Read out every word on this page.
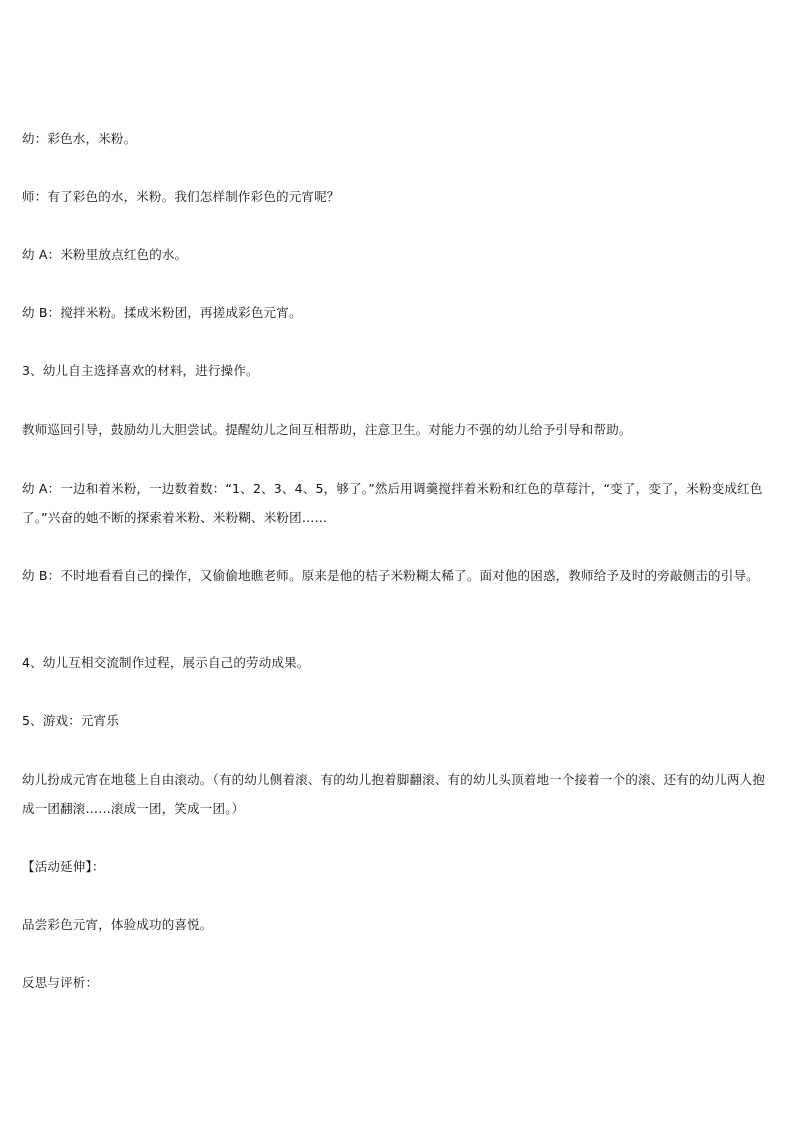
幼：彩色水，米粉。

师：有了彩色的水，米粉。我们怎样制作彩色的元宵呢？

幼 A：米粉里放点红色的水。

幼 B：搅拌米粉。揉成米粉团，再搓成彩色元宵。

3、幼儿自主选择喜欢的材料，进行操作。

教师巡回引导，鼓励幼儿大胆尝试。提醒幼儿之间互相帮助，注意卫生。对能力不强的幼儿给予引导和帮助。

幼 A：一边和着米粉，一边数着数：“1、2、3、4、5，够了。”然后用调羹搅拌着米粉和红色的草莓汁，“变了，变了，米粉变成红色了。”兴奋的她不断的探索着米粉、米粉糊、米粉团……

幼 B：不时地看看自己的操作，又偷偷地瞧老师。原来是他的桔子米粉糊太稀了。面对他的困惑，教师给予及时的旁敲侧击的引导。

4、幼儿互相交流制作过程，展示自己的劳动成果。

5、游戏：元宵乐

幼儿扮成元宵在地毯上自由滚动。（有的幼儿侧着滚、有的幼儿抱着脚翻滚、有的幼儿头顶着地一个接着一个的滚、还有的幼儿两人抱成一团翻滚……滚成一团，笑成一团。）

【活动延伸】：

品尝彩色元宵，体验成功的喜悦。

反思与评析：
